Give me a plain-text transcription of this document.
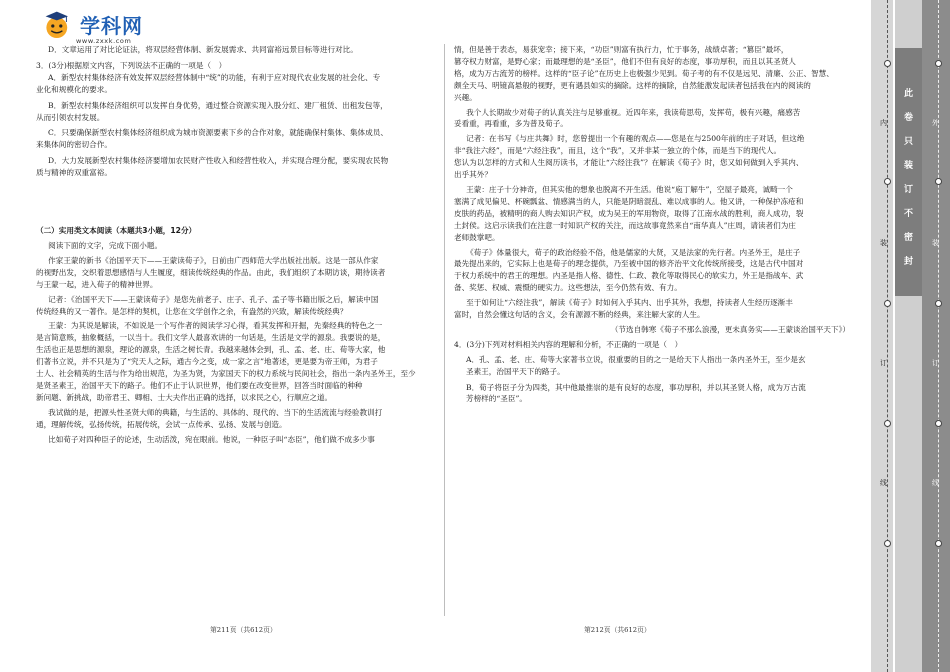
学科网
www.zxxk.com

D．文章运用了对比论证法，将双层经营体制、新发展需求、共同富裕远景目标等进行对比。

3．(3分)根据原文内容，下列说法不正确的一项是（　）

A．新型农村集体经济有效发挥双层经营体制中“统”的功能，有利于应对现代农业发展的社会化、专

业化和规模化的要求。

B．新型农村集体经济组织可以发挥自身优势，通过整合资源实现入股分红、建厂租赁、出租发包等，

从而引领农村发展。

C．只要确保新型农村集体经济组织成为城市资源要素下乡的合作对象，就能确保村集体、集体成员、

来集体间的密切合作。

D．大力发展新型农村集体经济要增加农民财产性收入和经营性收入，并实现合理分配，要实现农民物

质与精神的双重富裕。

（二）实用类文本阅读（本题共3小题，12分）

阅读下面的文字，完成下面小题。

作家王蒙的新书《治国平天下——王蒙读荀子》，日前由广西师范大学出版社出版。这是一部从作家

的视野出发，交织着思想感悟与人生履度，细读传统经典的作品。由此，我们组织了本期访谈，期待读者

与王蒙一起，进入荀子的精神世界。

记者：《治国平天下——王蒙读荀子》是您先前老子、庄子、孔子、孟子等书籍出版之后，解读中国

传统经典的又一著作。是怎样的契机，让您在文学创作之余，有盎然的兴致，解读传统经典？

王蒙：为其说是解读，不如说是一个写作者的阅读学习心得，看其发挥和开掘，先秦经典的特色之一

是言简意赅，抽象概括，一以当十。我们文学人最喜欢讲的一句话是，生活是文学的源泉。我要说的是，

生活也正是思想的源泉，理论的源泉，生活之树长青。我越来越体会到，孔、孟、老、庄、荀等大家，他

们著书立说，并不只是为了“究天人之际，通古今之变，成一家之言”地著述，更是要为帝王师，为君子

士人、社会精英的生活与作为给出规范，为圣为贤，为家国天下的权力系统与民间社会，指出一条内圣外王，至少

是贤圣素王，治国平天下的路子。他们不止于认识世界，他们要在改变世界，回答当时面临的种种

新问题、新挑战，助帝君王、卿相、士大夫作出正确的选择，以求民之心，行顺应之道。

我试做的是，把源头性圣贤大师的典籍，与生活的、具体的、现代的、当下的生活流流与经验教训打

通，理解传统，弘扬传统，拓展传统，会试一点传承、弘扬、发展与创造。

比如荀子对四种臣子的论述，生动活泼，宛在眼前。他说，一种臣子叫“态臣”，他们做不成多少事

情，但是善于表态，易获宠幸；接下来，“功臣”则富有执行力，忙于事务，战绩卓著；“篡臣”最坏，

篡夺权力财富，是野心家；而最理想的是“圣臣”，他们不但有良好的态度，事功厚积，而且以其圣贤人

格，成为万古流芳的榜样。这样的“臣子论”在历史上也极强少见到。荀子考的有不仅是远见、清廉、公正、智慧、

颇全天马、明镜高悬般的视野，更有遇县如实的摘除。这样的摘除，自然能激发起读者包括我在内的阅读的

兴趣。

我个人长期故少对荀子的认真关注与足够重视。近四年来，我读荀思苟，发挥苟，极有兴趣，痛感苦

妥看重，再看重，多为普及荀子。

记者：在书写《与庄共舞》时，您曾提出一个有趣的观点——您是在与2500年前的庄子对话，但这绝

非“我注六经”，而是“六经注我”，而且，这个“我”，又并非某一独立的个体，而是当下的现代人。

您认为以怎样的方式和人生阅历读书，才能让“六经注我”？在解读《荀子》时，您又如何做到入乎其内、

出乎其外？

王蒙：庄子十分神奇，但其实他的想象也脱离不开生活。他说“庖丁解牛”，空屋子最亮，诚畸一个

塞满了成见偏见、杯碗瓢盆、情感满当的人，只能是阴暗混乱、难以成事的人。他又讲，一种保护冻疮和

皮肤的药品，被精明的商人购去知识产权，成为吴王的军用物资，取得了江南水战的胜利，商人成功，裂

土封侯。这启示读我们在注意一时知识产权的关注，而这故事竟然来自“南华真人”庄周，请读者们为庄

老师鼓掌吧。

《荀子》体量很大，荀子的政治经验不俗，他是儒家的大贤，又是法家的先行者。内圣外王，是庄子

最先提出来的，它实际上也是荀子的理念提供，乃至被中国的修齐治平文化传统所接受，这是古代中国对

于权力系统中的君王的理想。内圣是指人格、德性、仁政、教化等取得民心的软实力，外王是指战车、武

备、奖惩、权威、震慑的硬实力。这些想法，至今仍然有效、有力。

至于如何让“六经注我”，解读《荀子》时如何入乎其内、出乎其外，我想，持读者人生经历逐渐丰

富时，自然会懂这句话的含义，会有源源不断的经典，来注解大家的人生。

（节选自韩寒《荀子不那么浪漫，更未真务实——王蒙谈治国平天下》）

4．(3分)下列对材料相关内容的理解和分析，不正确的一项是（　）

A．孔、孟、老、庄、荀等大家著书立说，很重要的目的之一是给天下人指出一条内圣外王，至少是玄

圣素王，治国平天下的路子。

B．荀子将臣子分为四类，其中他最推崇的是有良好的态度，事功厚积，并以其圣贤人格，成为万古流

芳榜样的“圣臣”。

第211页（共612页）	第212页（共612页）
此
卷
只
装
订
不
密
封
内
装
订
线
外
装
订
线
